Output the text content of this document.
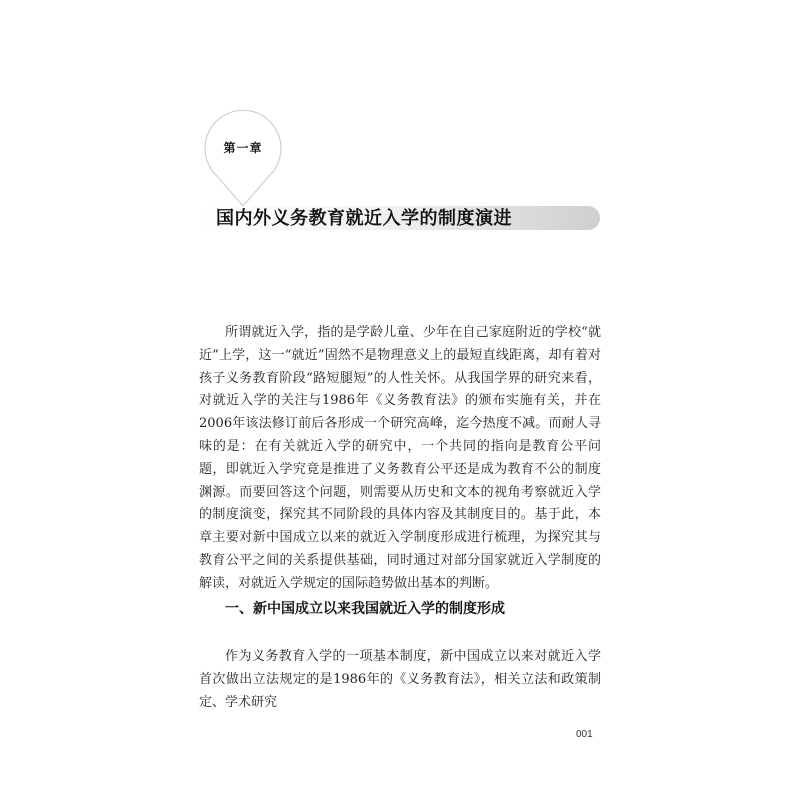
第一章
国内外义务教育就近入学的制度演进

所谓就近入学，指的是学龄儿童、少年在自己家庭附近的学校“就近”上学，这一“就近”固然不是物理意义上的最短直线距离，却有着对孩子义务教育阶段“路短腿短”的人性关怀。从我国学界的研究来看，对就近入学的关注与1986年《义务教育法》的颁布实施有关，并在2006年该法修订前后各形成一个研究高峰，迄今热度不减。而耐人寻味的是：在有关就近入学的研究中，一个共同的指向是教育公平问题，即就近入学究竟是推进了义务教育公平还是成为教育不公的制度渊源。而要回答这个问题，则需要从历史和文本的视角考察就近入学的制度演变，探究其不同阶段的具体内容及其制度目的。基于此，本章主要对新中国成立以来的就近入学制度形成进行梳理，为探究其与教育公平之间的关系提供基础，同时通过对部分国家就近入学制度的解读，对就近入学规定的国际趋势做出基本的判断。

一、新中国成立以来我国就近入学的制度形成

作为义务教育入学的一项基本制度，新中国成立以来对就近入学首次做出立法规定的是1986年的《义务教育法》，相关立法和政策制定、学术研究

001
